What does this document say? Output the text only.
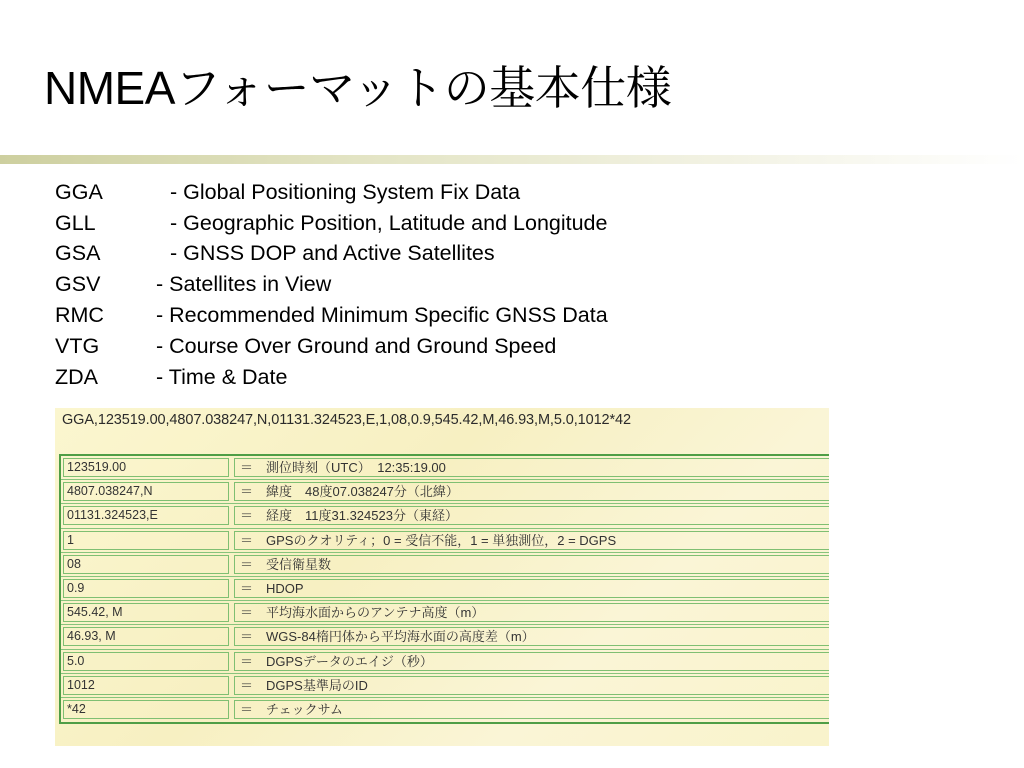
NMEAフォーマットの基本仕様
GGA	- Global Positioning System Fix Data
GLL	- Geographic Position, Latitude and Longitude
GSA	- GNSS DOP and Active Satellites
GSV	- Satellites in View
RMC - Recommended Minimum Specific GNSS Data
VTG	- Course Over Ground and Ground Speed
ZDA	- Time & Date
GGA,123519.00,4807.038247,N,01131.324523,E,1,08,0.9,545.42,M,46.93,M,5.0,1012*42
123519.00	＝　測位時刻（UTC）　12:35:19.00
4807.038247,N	＝　緯度　48度07.038247分（北緯）
01131.324523,E	＝　経度　11度31.324523分（東経）
1	＝　GPSのクオリティ；0 = 受信不能，1 = 単独測位，2 = DGPS
08	＝　受信衛星数
0.9	＝　HDOP
545.42, M	＝　平均海水面からのアンテナ高度（m）
46.93, M	＝　WGS-84楕円体から平均海水面の高度差（m）
5.0	＝　DGPSデータのエイジ（秒）
1012	＝　DGPS基準局のID
*42	＝　チェックサム
